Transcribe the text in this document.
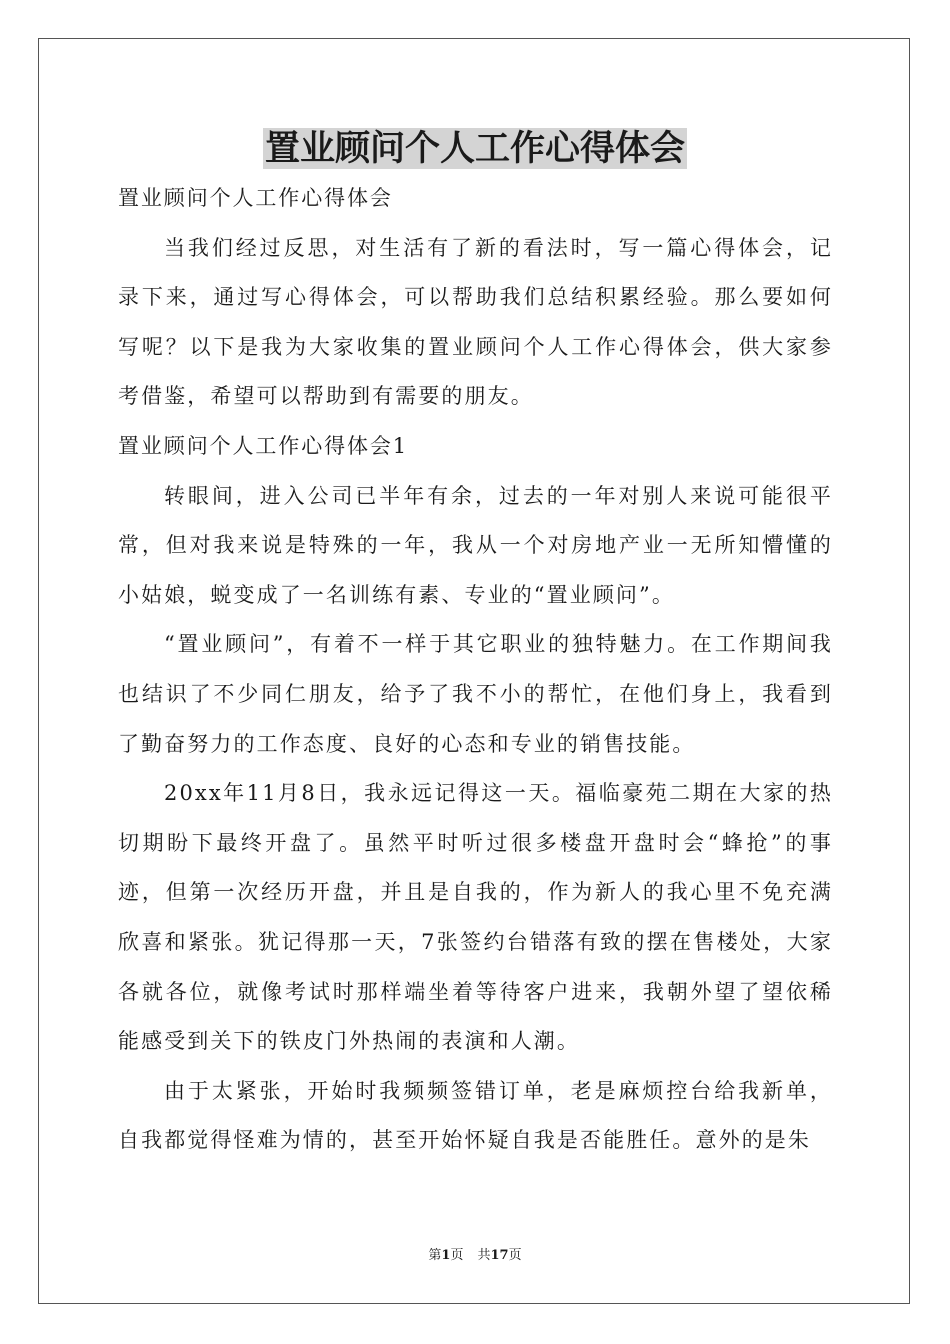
置业顾问个人工作心得体会

置业顾问个人工作心得体会

当我们经过反思，对生活有了新的看法时，写一篇心得体会，记录下来，通过写心得体会，可以帮助我们总结积累经验。那么要如何写呢？以下是我为大家收集的置业顾问个人工作心得体会，供大家参考借鉴，希望可以帮助到有需要的朋友。

置业顾问个人工作心得体会1

转眼间，进入公司已半年有余，过去的一年对别人来说可能很平常，但对我来说是特殊的一年，我从一个对房地产业一无所知懵懂的小姑娘，蜕变成了一名训练有素、专业的“置业顾问”。

“置业顾问”，有着不一样于其它职业的独特魅力。在工作期间我也结识了不少同仁朋友，给予了我不小的帮忙，在他们身上，我看到了勤奋努力的工作态度、良好的心态和专业的销售技能。

20xx年11月8日，我永远记得这一天。福临豪苑二期在大家的热切期盼下最终开盘了。虽然平时听过很多楼盘开盘时会“蜂抢”的事迹，但第一次经历开盘，并且是自我的，作为新人的我心里不免充满欣喜和紧张。犹记得那一天，7张签约台错落有致的摆在售楼处，大家各就各位，就像考试时那样端坐着等待客户进来，我朝外望了望依稀能感受到关下的铁皮门外热闹的表演和人潮。

由于太紧张，开始时我频频签错订单，老是麻烦控台给我新单，自我都觉得怪难为情的，甚至开始怀疑自我是否能胜任。意外的是朱

第1页 共17页
